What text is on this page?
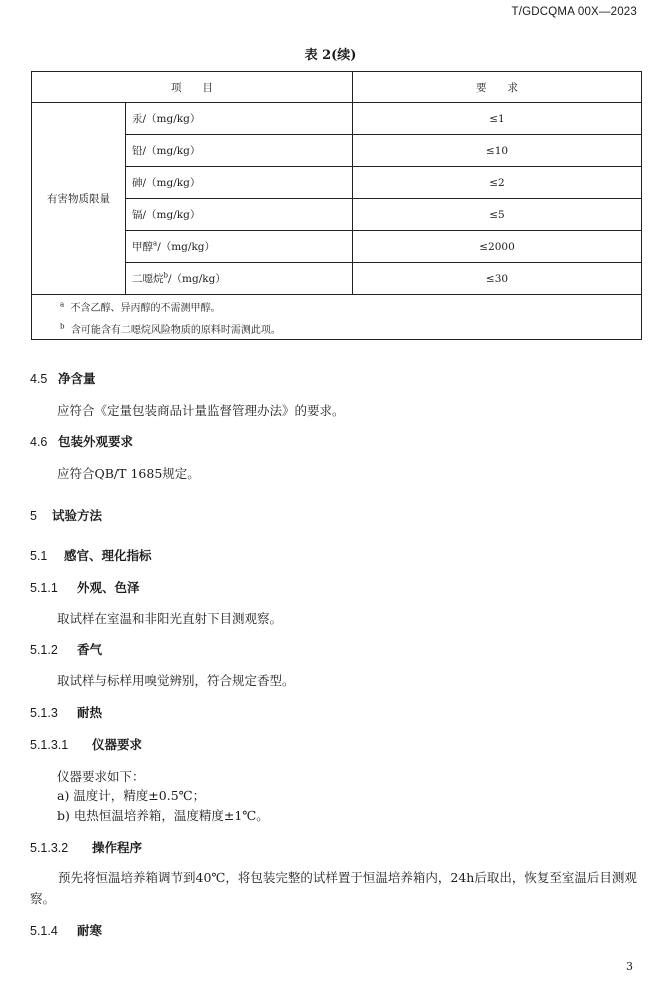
T/GDCQMA 00X—2023
表 2(续)
项　　目		要　　求
有害物质限量	汞/（mg/kg）	≤1
	铅/（mg/kg）	≤10
	砷/（mg/kg）	≤2
	镉/（mg/kg）	≤5
	甲醇$^a$/（mg/kg）	≤2000
	二噁烷$^b$/（mg/kg）	≤30
$^a$ 不含乙醇、异丙醇的不需测甲醇。		
$^b$ 含可能含有二噁烷风险物质的原料时需测此项。		
4.5 净含量
应符合《定量包装商品计量监督管理办法》的要求。
4.6 包装外观要求
应符合QB/T 1685规定。
5 试验方法
5.1 感官、理化指标
5.1.1 外观、色泽
取试样在室温和非阳光直射下目测观察。
5.1.2 香气
取试样与标样用嗅觉辨别，符合规定香型。
5.1.3 耐热
5.1.3.1 仪器要求
仪器要求如下：
a) 温度计，精度±0.5℃；
b) 电热恒温培养箱，温度精度±1℃。
5.1.3.2 操作程序
预先将恒温培养箱调节到40℃，将包装完整的试样置于恒温培养箱内，24h后取出，恢复至室温后目测观察。
5.1.4 耐寒
3
